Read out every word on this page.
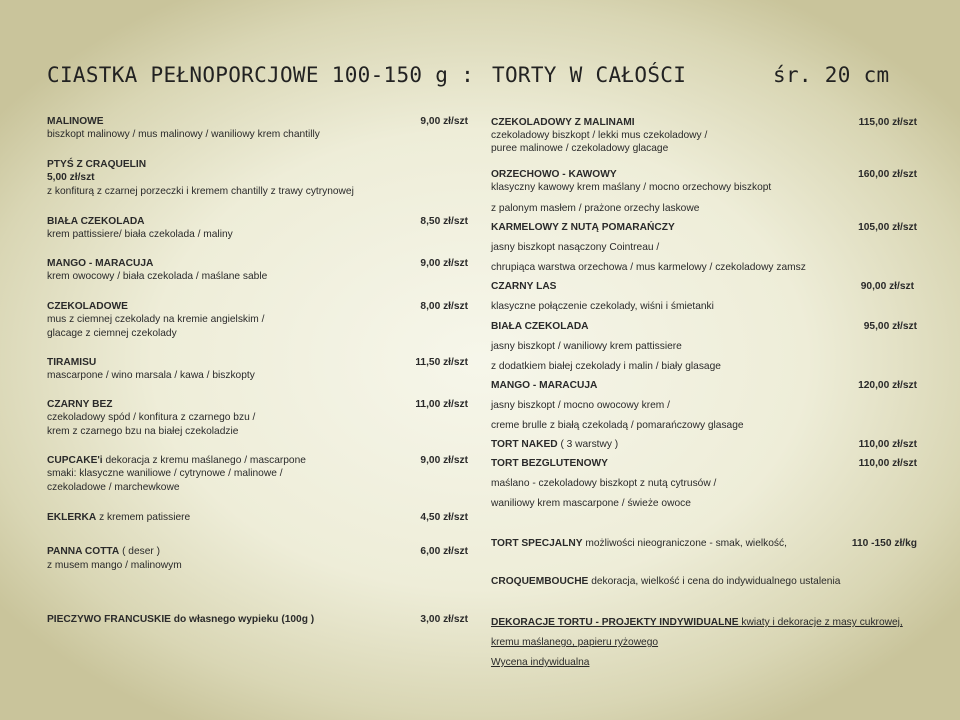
CIASTKA PEŁNOPORCJOWE 100-150 g : TORTY W CAŁOŚCI	śr. 20 cm
MALINOWE	9,00 zł/szt
biszkopt malinowy / mus malinowy / waniliowy krem chantilly
PTYŚ Z CRAQUELIN
5,00 zł/szt
z konfiturą z czarnej porzeczki i kremem chantilly z trawy cytrynowej
BIAŁA CZEKOLADA	8,50 zł/szt
krem pattissiere/ biała czekolada / maliny
MANGO - MARACUJA	9,00 zł/szt
krem owocowy / biała czekolada / maślane sable
CZEKOLADOWE	8,00 zł/szt
mus z ciemnej czekolady na kremie angielskim /
glacage z ciemnej czekolady
TIRAMISU	11,50 zł/szt
mascarpone / wino marsala / kawa / biszkopty
CZARNY BEZ	11,00 zł/szt
czekoladowy spód / konfitura z czarnego bzu /
krem z czarnego bzu na białej czekoladzie
CUPCAKE'i dekoracja z kremu maślanego / mascarpone	9,00 zł/szt
smaki: klasyczne waniliowe / cytrynowe / malinowe /
czekoladowe / marchewkowe
EKLERKA z kremem patissiere	4,50 zł/szt
PANNA COTTA ( deser )	6,00 zł/szt
z musem mango / malinowym
PIECZYWO FRANCUSKIE do własnego wypieku (100g )	3,00 zł/szt
CZEKOLADOWY Z MALINAMI	115,00 zł/szt
czekoladowy biszkopt / lekki mus czekoladowy /
puree malinowe / czekoladowy glacage
ORZECHOWO - KAWOWY	160,00 zł/szt
klasyczny kawowy krem maślany / mocno orzechowy biszkopt
z palonym masłem / prażone orzechy laskowe
KARMELOWY Z NUTĄ POMARAŃCZY	105,00 zł/szt
jasny biszkopt nasączony Cointreau /
chrupiąca warstwa orzechowa / mus karmelowy / czekoladowy zamsz
CZARNY LAS	90,00 zł/szt
klasyczne połączenie czekolady, wiśni i śmietanki
BIAŁA CZEKOLADA	95,00 zł/szt
jasny biszkopt / waniliowy krem pattissiere
z dodatkiem białej czekolady i malin / biały glasage
MANGO - MARACUJA	120,00 zł/szt
jasny biszkopt / mocno owocowy krem /
creme brulle z białą czekoladą / pomarańczowy glasage
TORT NAKED ( 3 warstwy )	110,00 zł/szt
TORT BEZGLUTENOWY	110,00 zł/szt
maślano - czekoladowy biszkopt z nutą cytrusów /
waniliowy krem mascarpone / świeże owoce
TORT SPECJALNY możliwości nieograniczone - smak, wielkość,	110 -150 zł/kg
CROQUEMBOUCHE dekoracja, wielkość i cena do indywidualnego ustalenia
DEKORACJE TORTU - PROJEKTY INDYWIDUALNE kwiaty i dekoracje z masy cukrowej,
kremu maślanego, papieru ryżowego
Wycena indywidualna
